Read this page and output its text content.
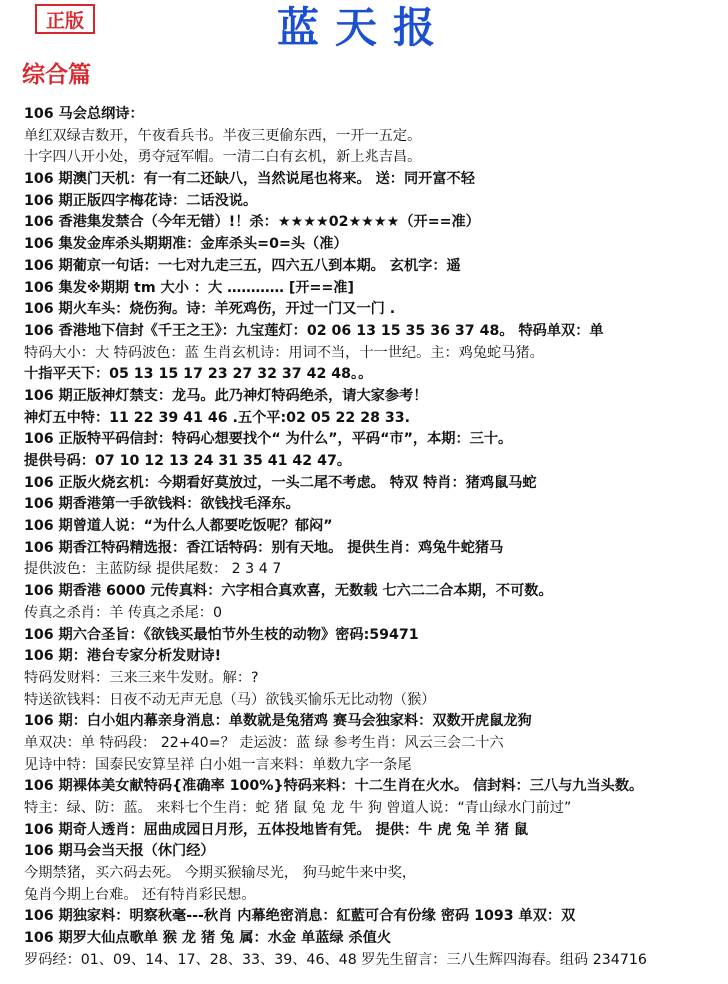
正版	蓝天报
综合篇
106 马会总纲诗：
单红双绿吉数开，午夜看兵书。半夜三更偷东西，一开一五定。
十字四八开小处，勇夺冠军帽。一清二白有玄机，新上兆吉昌。
106 期澳门天机：有一有二还缺八，当然说尾也将来。 送：同开富不轻
106 期正版四字梅花诗：二话没说。
106 香港集发禁合（今年无错）!！杀：★★★★02★★★★（开==准）
106 集发金库杀头期期准：金库杀头=0=头（准）
106 期葡京一句话：一七对九走三五，四六五八到本期。 玄机字：遥
106 集发※期期 tm 大小 ：大 ………… [开==准]
106 期火车头：烧伤狗。诗：羊死鸡伤，开过一门又一门 .
106 香港地下信封《千王之王》：九宝莲灯：02 06 13 15 35 36 37 48。 特码单双：单
特码大小：大 特码波色：蓝 生肖玄机诗：用词不当，十一世纪。主：鸡兔蛇马猪。
十指平天下：05 13 15 17 23 27 32 37 42 48。。
106 期正版神灯禁支：龙马。此乃神灯特码绝杀，请大家参考！
神灯五中特：11 22 39 41 46 .五个平:02 05 22 28 33.
106 正版特平码信封：特码心想要找个“ 为什么”，平码“市”，本期：三十。
提供号码：07 10 12 13 24 31 35 41 42 47。
106 正版火烧玄机：今期看好莫放过，一头二尾不考虑。 特双 特肖：猪鸡鼠马蛇
106 期香港第一手欲钱料：欲钱找毛泽东。
106 期曾道人说：“为什么人都要吃饭呢？郁闷”
106 期香江特码精选报：香江话特码：别有天地。 提供生肖：鸡兔牛蛇猪马
提供波色：主蓝防绿 提供尾数： 2 3 4 7
106 期香港 6000 元传真料：六字相合真欢喜，无数载 七六二二合本期，不可数。
传真之杀肖：羊 传真之杀尾：0
106 期六合圣旨：《欲钱买最怕节外生枝的动物》密码:59471
106 期：港台专家分析发财诗!
特码发财料：三来三来牛发财。解：?
特送欲钱料：日夜不动无声无息（马）欲钱买愉乐无比动物（猴）
106 期：白小姐内幕亲身消息：单数就是兔猪鸡 赛马会独家料：双数开虎鼠龙狗
单双决：单 特码段： 22+40=？ 走运波：蓝 绿 参考生肖：风云三会二十六
见诗中特：国泰民安算呈祥 白小姐一言来料：单数九字一条尾
106 期裸体美女献特码{准确率 100%}特码来料：十二生肖在火水。 信封料：三八与九当头数。
特主：绿、防：蓝。 来料七个生肖：蛇 猪 鼠 兔 龙 牛 狗 曾道人说：“青山绿水门前过”
106 期奇人透肖：屈曲成园日月形，五体投地皆有凭。 提供：牛 虎 兔 羊 猪 鼠
106 期马会当天报（休门经）
今期禁猪，买六码去死。 今期买猴输尽光， 狗马蛇牛来中奖，
兔肖今期上台难。 还有特肖彩民想。
106 期独家料：明察秋毫---秋肖 内幕绝密消息：紅藍可合有份缘 密码 1093 单双：双
106 期罗大仙点歌单 猴 龙 猪 兔 属：水金 单蓝绿 杀值火
罗码经：01、09、14、17、28、33、39、46、48 罗先生留言：三八生辉四海春。组码 234716
